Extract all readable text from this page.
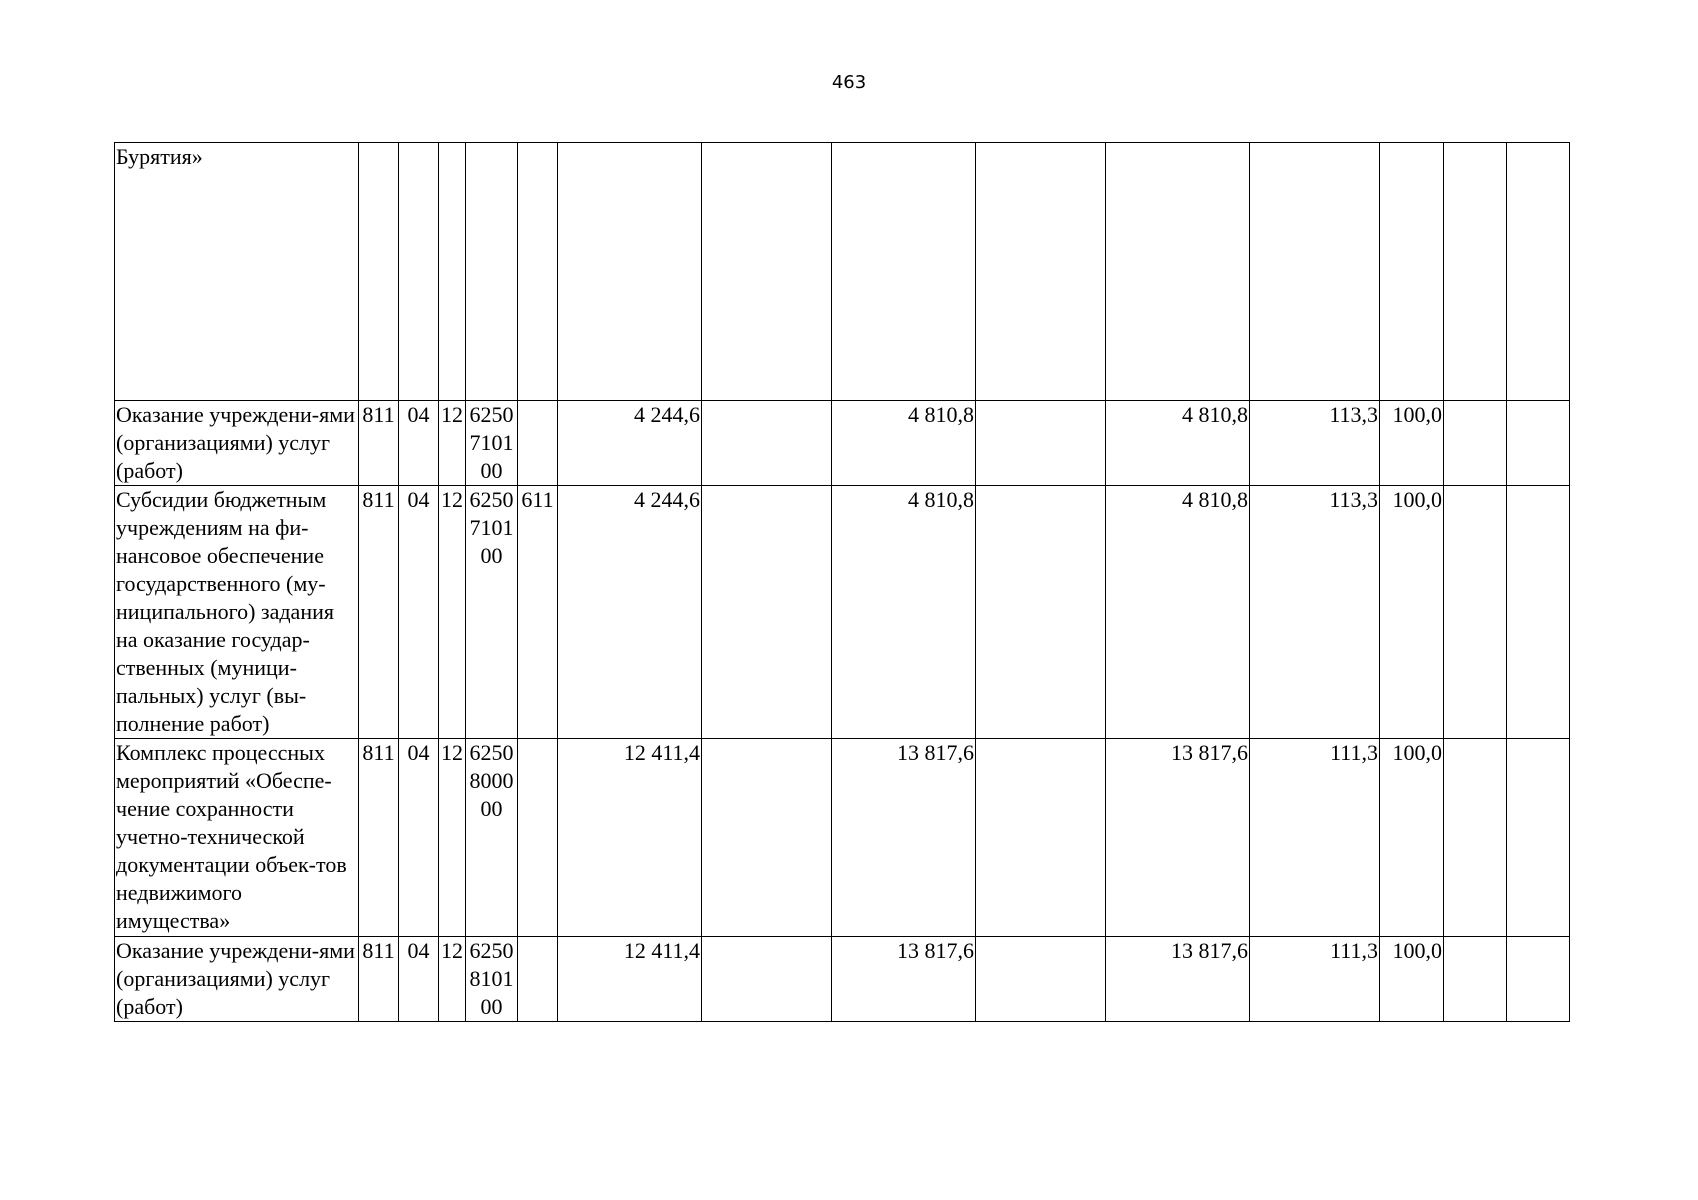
463
Бурятия»				

Оказание учреждени-ями (организациями) услуг (работ)	811	04	12	6250710100		4 244,6		4 810,8		4 810,8	113,3	100,0		
Субсидии бюджетным учреждениям на фи-нансовое обеспечение государственного (му-ниципального) задания на оказание государ-ственных (муници-пальных) услуг (вы-полнение работ)	811	04	12	6250710100	611	4 244,6		4 810,8		4 810,8	113,3	100,0		
Комплекс процессных мероприятий «Обеспе-чение сохранности учетно-технической документации объек-тов недвижимого имущества»	811	04	12	6250800000		12 411,4		13 817,6		13 817,6	111,3	100,0		
Оказание учреждени-ями (организациями) услуг (работ)	811	04	12	6250810100		12 411,4		13 817,6		13 817,6	111,3	100,0		
